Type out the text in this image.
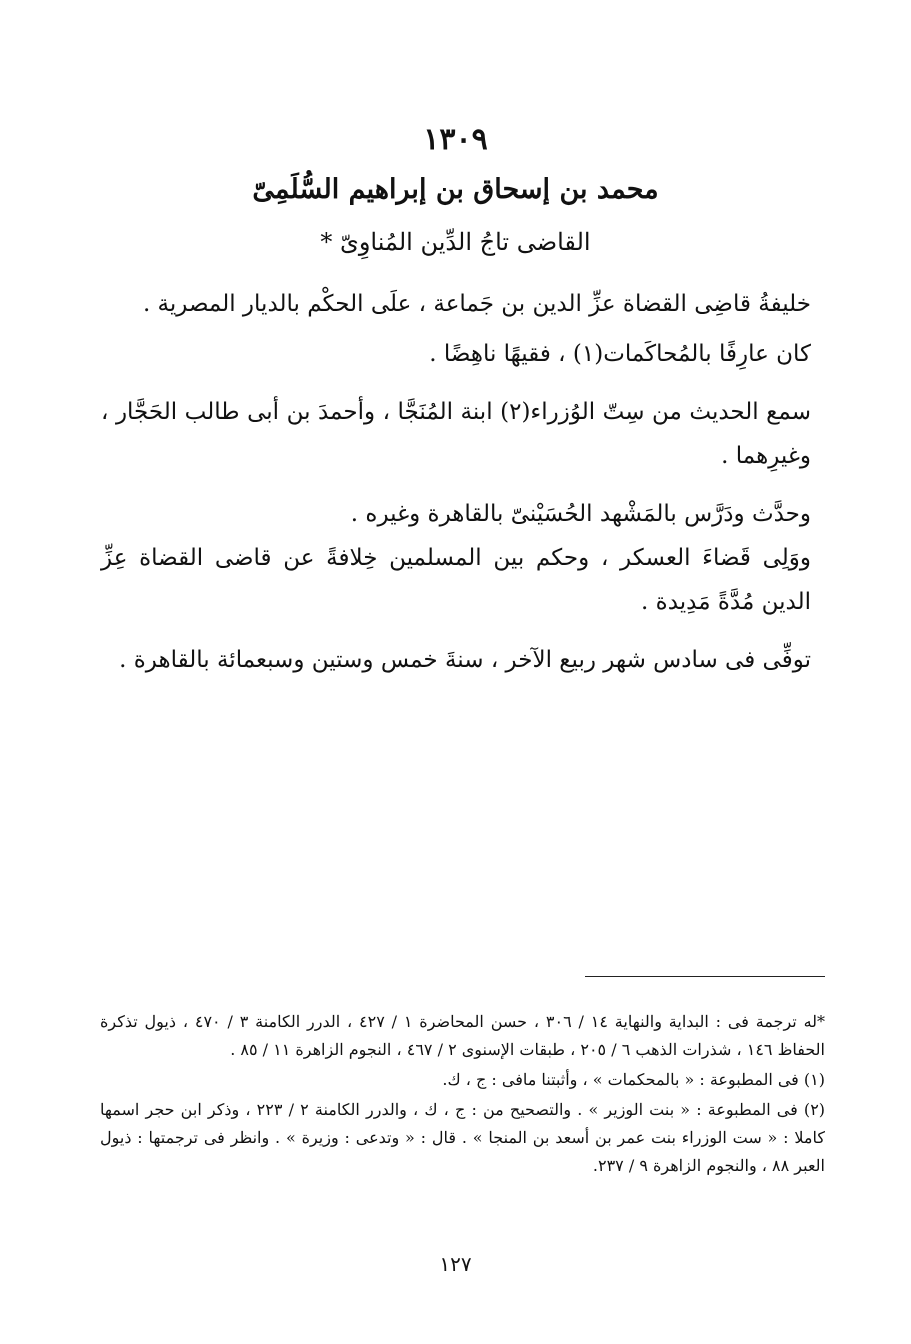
١٣٠٩
محمد بن إسحاق بن إبراهيم السُّلَمِىّ
القاضى تاجُ الدِّين المُناوِىّ *

خليفةُ قاضِى القضاة عزِّ الدين بن جَماعة ، علَى الحكْم بالديار المصرية .

كان عارِفًا بالمُحاكَمات(١) ، فقيهًا ناهِضًا .

سمع الحديث من سِتّ الوُزراء(٢) ابنة المُنَجَّا ، وأحمدَ بن أبى طالب الحَجَّار ، وغيرِهما .

وحدَّث ودَرَّس بالمَشْهد الحُسَيْنىّ بالقاهرة وغيره .

ووَلِى قَضاءَ العسكر ، وحكم بين المسلمين خِلافةً عن قاضى القضاة عِزِّ الدين مُدَّةً مَدِيدة .

توفِّى فى سادس شهر ربيع الآخر ، سنةَ خمس وستين وسبعمائة بالقاهرة .

*له ترجمة فى : البداية والنهاية ١٤ / ٣٠٦ ، حسن المحاضرة ١ / ٤٢٧ ، الدرر الكامنة ٣ / ٤٧٠ ، ذيول تذكرة الحفاظ ١٤٦ ، شذرات الذهب ٦ / ٢٠٥ ، طبقات الإسنوى ٢ / ٤٦٧ ، النجوم الزاهرة ١١ / ٨٥ .

(١) فى المطبوعة : « بالمحكمات » ، وأثبتنا مافى : ج ، ك.

(٢) فى المطبوعة : « بنت الوزير » . والتصحيح من : ج ، ك ، والدرر الكامنة ٢ / ٢٢٣ ، وذكر ابن حجر اسمها كاملا : « ست الوزراء بنت عمر بن أسعد بن المنجا » . قال : « وتدعى : وزيرة » . وانظر فى ترجمتها : ذيول العبر ٨٨ ، والنجوم الزاهرة ٩ / ٢٣٧.

١٢٧
